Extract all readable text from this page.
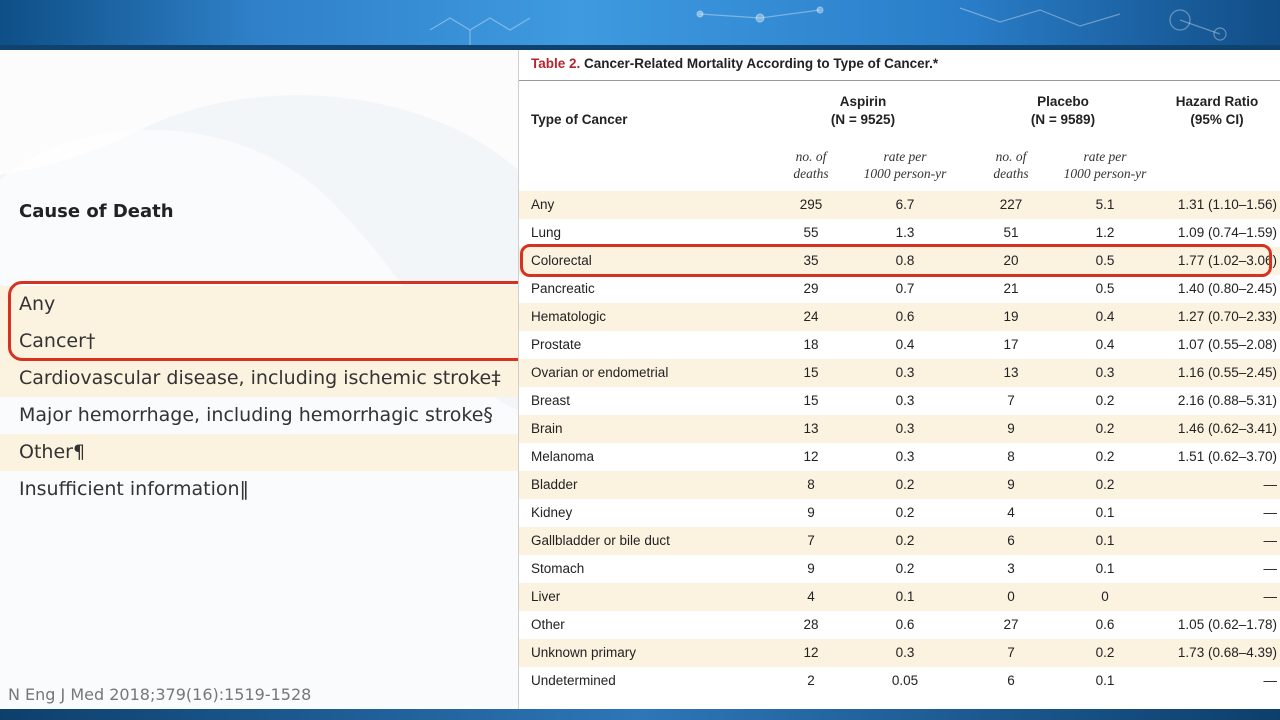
Cause of Death
Any
Cancer†
Cardiovascular disease, including ischemic stroke‡
Major hemorrhage, including hemorrhagic stroke§
Other¶
Insufficient information‖
N Eng J Med 2018;379(16):1519-1528
Table 2. Cancer-Related Mortality According to Type of Cancer.*
Type of Cancer
Aspirin
(N = 9525)
Placebo
(N = 9589)
Hazard Ratio
(95% CI)
no. of
deaths
rate per
1000 person-yr
no. of
deaths
rate per
1000 person-yr
Any	295	6.7	227	5.1	1.31 (1.10–1.56)
Lung	55	1.3	51	1.2	1.09 (0.74–1.59)
Colorectal	35	0.8	20	0.5	1.77 (1.02–3.06)
Pancreatic	29	0.7	21	0.5	1.40 (0.80–2.45)
Hematologic	24	0.6	19	0.4	1.27 (0.70–2.33)
Prostate	18	0.4	17	0.4	1.07 (0.55–2.08)
Ovarian or endometrial	15	0.3	13	0.3	1.16 (0.55–2.45)
Breast	15	0.3	7	0.2	2.16 (0.88–5.31)
Brain	13	0.3	9	0.2	1.46 (0.62–3.41)
Melanoma	12	0.3	8	0.2	1.51 (0.62–3.70)
Bladder	8	0.2	9	0.2	—
Kidney	9	0.2	4	0.1	—
Gallbladder or bile duct	7	0.2	6	0.1	—
Stomach	9	0.2	3	0.1	—
Liver	4	0.1	0	0	—
Other	28	0.6	27	0.6	1.05 (0.62–1.78)
Unknown primary	12	0.3	7	0.2	1.73 (0.68–4.39)
Undetermined	2	0.05	6	0.1	—
